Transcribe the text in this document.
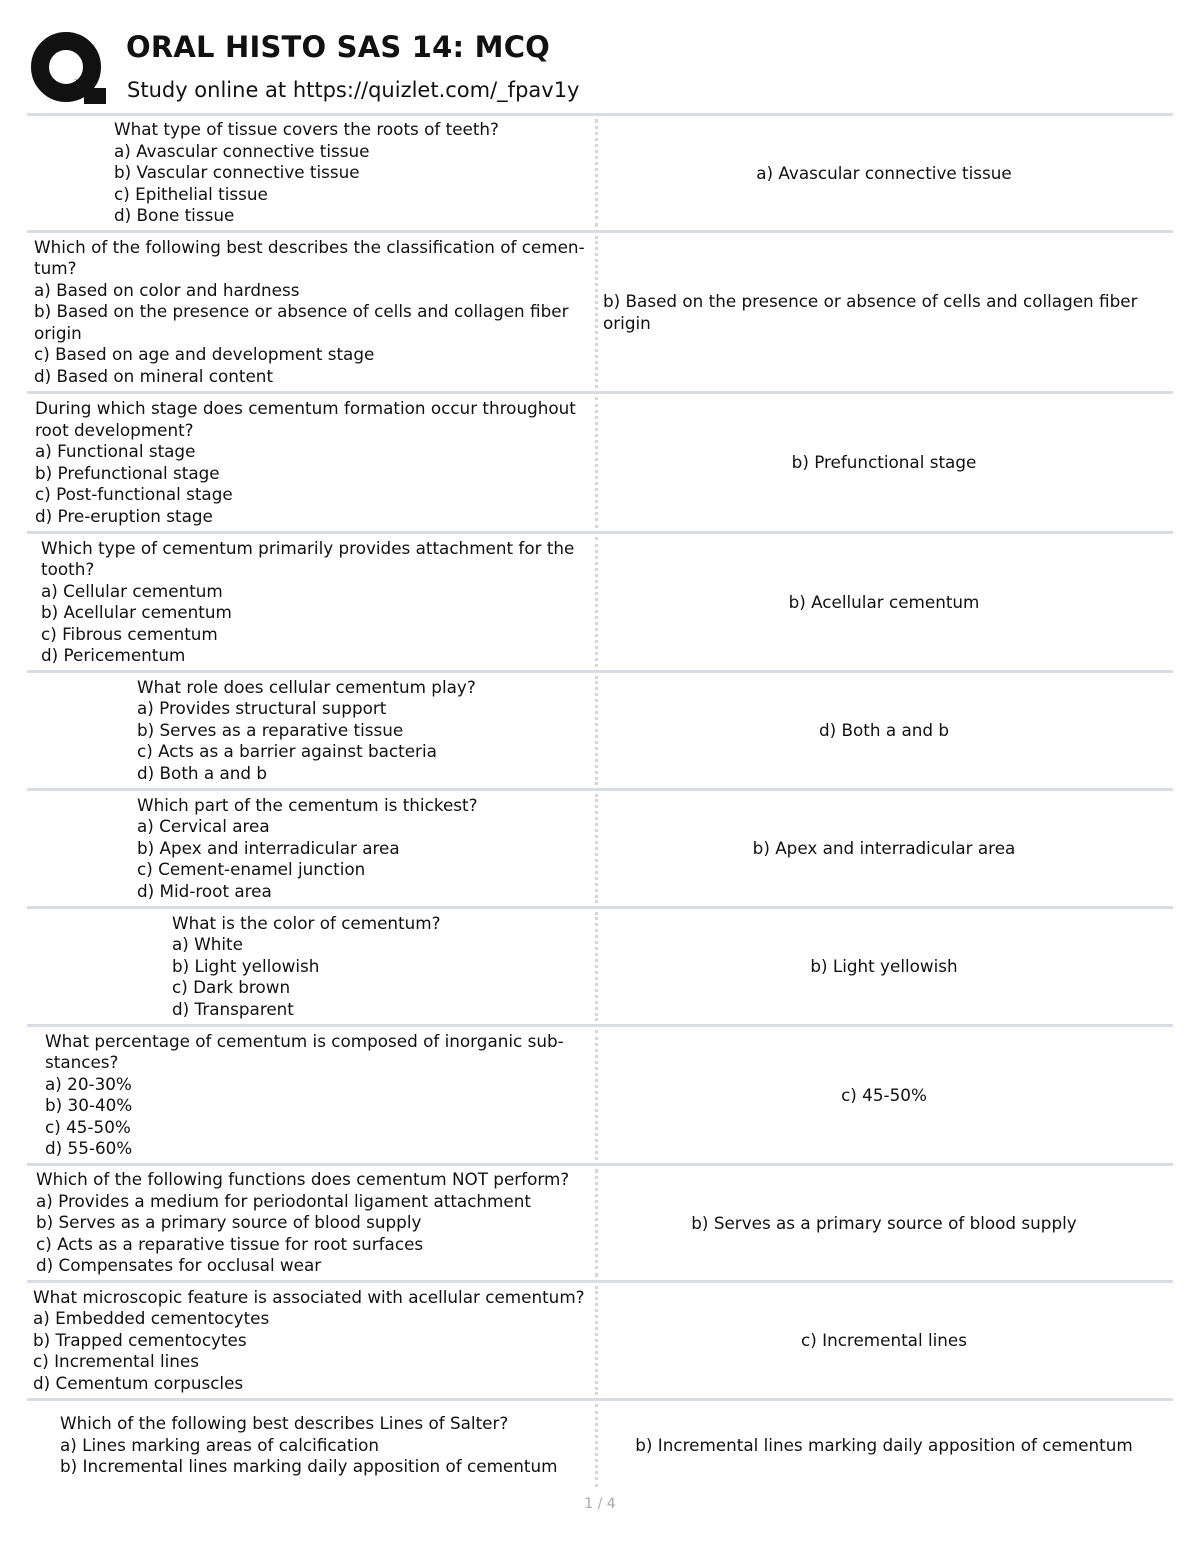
ORAL HISTO SAS 14: MCQ
Study online at https://quizlet.com/_fpav1y
What type of tissue covers the roots of teeth?
a) Avascular connective tissue
b) Vascular connective tissue
c) Epithelial tissue
d) Bone tissue
a) Avascular connective tissue
Which of the following best describes the classification of cemen-
tum?
a) Based on color and hardness
b) Based on the presence or absence of cells and collagen fiber
origin
c) Based on age and development stage
d) Based on mineral content
b) Based on the presence or absence of cells and collagen fiber origin
During which stage does cementum formation occur throughout
root development?
a) Functional stage
b) Prefunctional stage
c) Post-functional stage
d) Pre-eruption stage
b) Prefunctional stage
Which type of cementum primarily provides attachment for the
tooth?
a) Cellular cementum
b) Acellular cementum
c) Fibrous cementum
d) Pericementum
b) Acellular cementum
What role does cellular cementum play?
a) Provides structural support
b) Serves as a reparative tissue
c) Acts as a barrier against bacteria
d) Both a and b
d) Both a and b
Which part of the cementum is thickest?
a) Cervical area
b) Apex and interradicular area
c) Cement-enamel junction
d) Mid-root area
b) Apex and interradicular area
What is the color of cementum?
a) White
b) Light yellowish
c) Dark brown
d) Transparent
b) Light yellowish
What percentage of cementum is composed of inorganic sub-
stances?
a) 20-30%
b) 30-40%
c) 45-50%
d) 55-60%
c) 45-50%
Which of the following functions does cementum NOT perform?
a) Provides a medium for periodontal ligament attachment
b) Serves as a primary source of blood supply
c) Acts as a reparative tissue for root surfaces
d) Compensates for occlusal wear
b) Serves as a primary source of blood supply
What microscopic feature is associated with acellular cementum?
a) Embedded cementocytes
b) Trapped cementocytes
c) Incremental lines
d) Cementum corpuscles
c) Incremental lines
Which of the following best describes Lines of Salter?
a) Lines marking areas of calcification
b) Incremental lines marking daily apposition of cementum
b) Incremental lines marking daily apposition of cementum
1 / 4
